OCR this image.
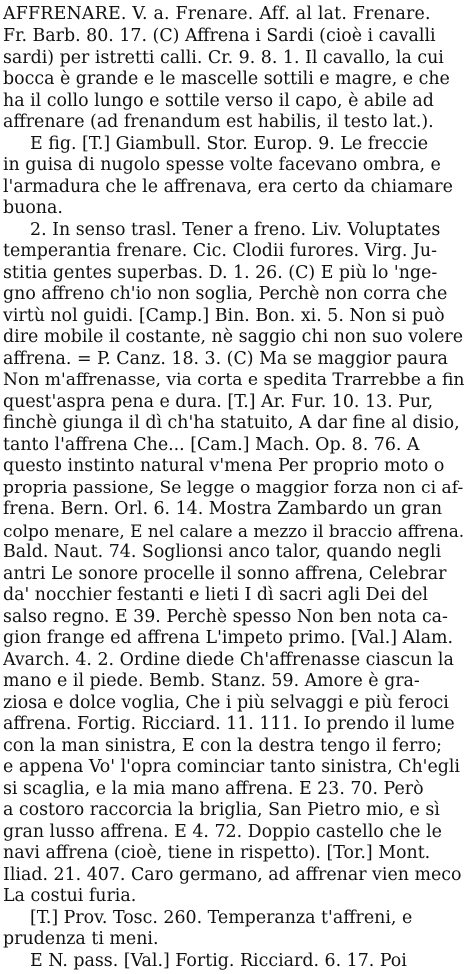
AFFRENARE. V. a. Frenare. Aff. al lat. Frenare.
Fr. Barb. 80. 17. (C) Affrena i Sardi (cioè i cavalli
sardi) per istretti calli. Cr. 9. 8. 1. Il cavallo, la cui
bocca è grande e le mascelle sottili e magre, e che
ha il collo lungo e sottile verso il capo, è abile ad
affrenare (ad frenandum est habilis, il testo lat.).
E fig. [T.] Giambull. Stor. Europ. 9. Le freccie
in guisa di nugolo spesse volte facevano ombra, e
l'armadura che le affrenava, era certo da chiamare
buona.
2. In senso trasl. Tener a freno. Liv. Voluptates
temperantia frenare. Cic. Clodii furores. Virg. Ju-
stitia gentes superbas. D. 1. 26. (C) E più lo 'nge-
gno affreno ch'io non soglia, Perchè non corra che
virtù nol guidi. [Camp.] Bin. Bon. xi. 5. Non si può
dire mobile il costante, nè saggio chi non suo volere
affrena. = P. Canz. 18. 3. (C) Ma se maggior paura
Non m'affrenasse, via corta e spedita Trarrebbe a fin
quest'aspra pena e dura. [T.] Ar. Fur. 10. 13. Pur,
finchè giunga il dì ch'ha statuito, A dar fine al disio,
tanto l'affrena Che... [Cam.] Mach. Op. 8. 76. A
questo instinto natural v'mena Per proprio moto o
propria passione, Se legge o maggior forza non ci af-
frena. Bern. Orl. 6. 14. Mostra Zambardo un gran
colpo menare, E nel calare a mezzo il braccio affrena.
Bald. Naut. 74. Soglionsi anco talor, quando negli
antri Le sonore procelle il sonno affrena, Celebrar
da' nocchier festanti e lieti I dì sacri agli Dei del
salso regno. E 39. Perchè spesso Non ben nota ca-
gion frange ed affrena L'impeto primo. [Val.] Alam.
Avarch. 4. 2. Ordine diede Ch'affrenasse ciascun la
mano e il piede. Bemb. Stanz. 59. Amore è gra-
ziosa e dolce voglia, Che i più selvaggi e più feroci
affrena. Fortig. Ricciard. 11. 111. Io prendo il lume
con la man sinistra, E con la destra tengo il ferro;
e appena Vo' l'opra cominciar tanto sinistra, Ch'egli
si scaglia, e la mia mano affrena. E 23. 70. Però
a costoro raccorcia la briglia, San Pietro mio, e sì
gran lusso affrena. E 4. 72. Doppio castello che le
navi affrena (cioè, tiene in rispetto). [Tor.] Mont.
Iliad. 21. 407. Caro germano, ad affrenar vien meco
La costui furia.
[T.] Prov. Tosc. 260. Temperanza t'affreni, e
prudenza ti meni.
E N. pass. [Val.] Fortig. Ricciard. 6. 17. Poi
